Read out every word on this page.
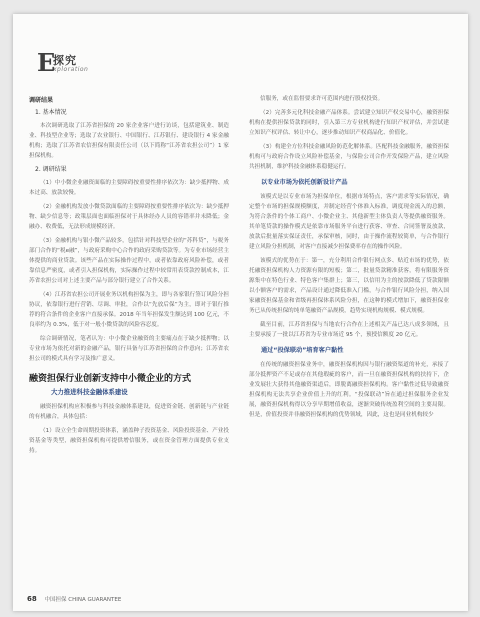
E
探究
xploration
调研结果
1. 基本情况
本次调研选取了江苏省担保的 20 家企业客户进行访谈，包括建筑业、制造业、科技型企业等；选取了农业银行、中国银行、江苏银行、建设银行 4 家金融机构；选取了江苏省农信担保有限责任公司（以下简称“江苏省农担公司”）1 家担保机构。
2. 调研结果
（1）中小微企业融资面临的主要障碍按重要性排序依次为：缺少抵押物、成本过高、放款较慢。
（2）金融机构发放小微贷款面临的主要障碍按重要性排序依次为：缺少抵押物、缺少信息等；政策层面也面临担保对于具体经办人员的容错率并未降低；金融办、收费低，无法形成规模经济。
（3）金融机构与银小微产品较多，包括针对科技型企业的“苏科贷”，与税务部门合作的“税e融”，与政府采购中心合作的政府采购贷款等。为专业市场经营主体提供的商业贷款。该些产品在实际操作过程中，或者依靠政府风险补偿，或者靠信息严密度，或者引入担保机构，实际操作过程中较常用表贷款控制成本，江苏省农担公司对上述主要产品与部分银行建立了合作关系。
（4）江苏省农担公司开展业务以机构担保为主，即与各家银行签订风险分担协议，依靠银行进行营销、尽调、审批，合作以“先放后保”为主，即对于银行推荐的符合条件的企业客户直接承保。2018 年当年担保发生额达到 100 亿元，不良率约为 0.3%，低于对一般小微贷款的风险容忍度。
综合调研情况，笔者认为：中小微企业融资的主要痛点在于缺少抵押物；以专业市场为依托对新的金融产品，银行具备与江苏省担保的合作意向；江苏省农担公司的模式具有学习及推广意义。
融资担保行业创新支持中小微企业的方式
大力推进科技金融体系建设
融资担保机构应积极参与科技金融体系建设，促进资金链、创新链与产业链的有机融合，具体包括：
（1）设立全生命周期投资体系，涵盖种子投资基金、风险投资基金、产业投资基金等类型，融资担保机构可提供增信服务，或在资金管理方面提供专业支持。
信服务，或在监督要求许可范围内进行股权投资。
（2）完善多元化科技金融产品体系。尝试建立知识产权交易中心，融资担保机构在提供担保贷款的同时，引入第三方专业机构进行知识产权评估，并尝试建立知识产权评估、转让中心，逐步推动知识产权商品化、价值化。
（3）构建全方位科技金融风险防范化解体系。匹配科技金融服务，融资担保机构可与政府合作设立风险补偿基金，与保险公司合作开发保险产品，建立风险共担机制，维护科技金融体系稳健运行。
以专业市场为依托创新设计产品
该模式是以专业市场为担保单位，根据市场特点，客户需求等实际情况，确定整个市场的担保规模额度，并制定经营个体准入标准，调度现金流入的总额，为符合条件的个体工商户、小微企业主、其他新型主体负责人等提供融资服务。其单笔贷款的操作模式是依靠市场服务平台进行获客、审查、合同签署及放款，放款后批量落实保证责任，承保审核，同时，由于操作流程较简单，与合作银行建立风险分担机制，对客户直接减少担保费率存在的操作风险。
该模式的优势在于：第一，充分利用合作银行网点多、贴近市场的优势，依托融资担保机构人力资源有限的短板；第二，批量贷款精准获客，将有限服务资源集中在特色行业、特色客户集群上；第三，以信用为主的按款降低了贷款限额以小额客户的需求，产品设计通过降低准入门槛，与合作银行风险分担，纳入国家融资担保基金和省级再担保体系风险分担，在这种的模式增加下，融资担保业务已从传统担保的纯单笔融资产品规模，趋势实现机构规模、模式规模。
截至目前，江苏省担保与当地农行合作在上述相关产品已达八成多领域，且主要承接了一批以江苏省为专业市场近 95 个，预授信额度 20 亿元。
通过“投保联动”培育客户黏性
在传统的融资担保业务中，融资担保机构因与银行融资渠道的补充，承接了部分抵押资产不足或存在其他瑕疵的客户，而一旦在融资担保机构的扶持下，企业发展壮大获得其他融资渠道后，即脱离融资担保机构。客户黏性过低导致融资担保机构无法共享企业价值上升的红利。“投保联动”旨在通过担保服务企业发展，融资担保机构得以分享早期增值收益，逐渐突破传统盈利空间的主要局限。但是，价值投资并非融资担保机构的优势领域，因此，这也是同业机构较少
68 中国担保 CHINA GUARANTEE
